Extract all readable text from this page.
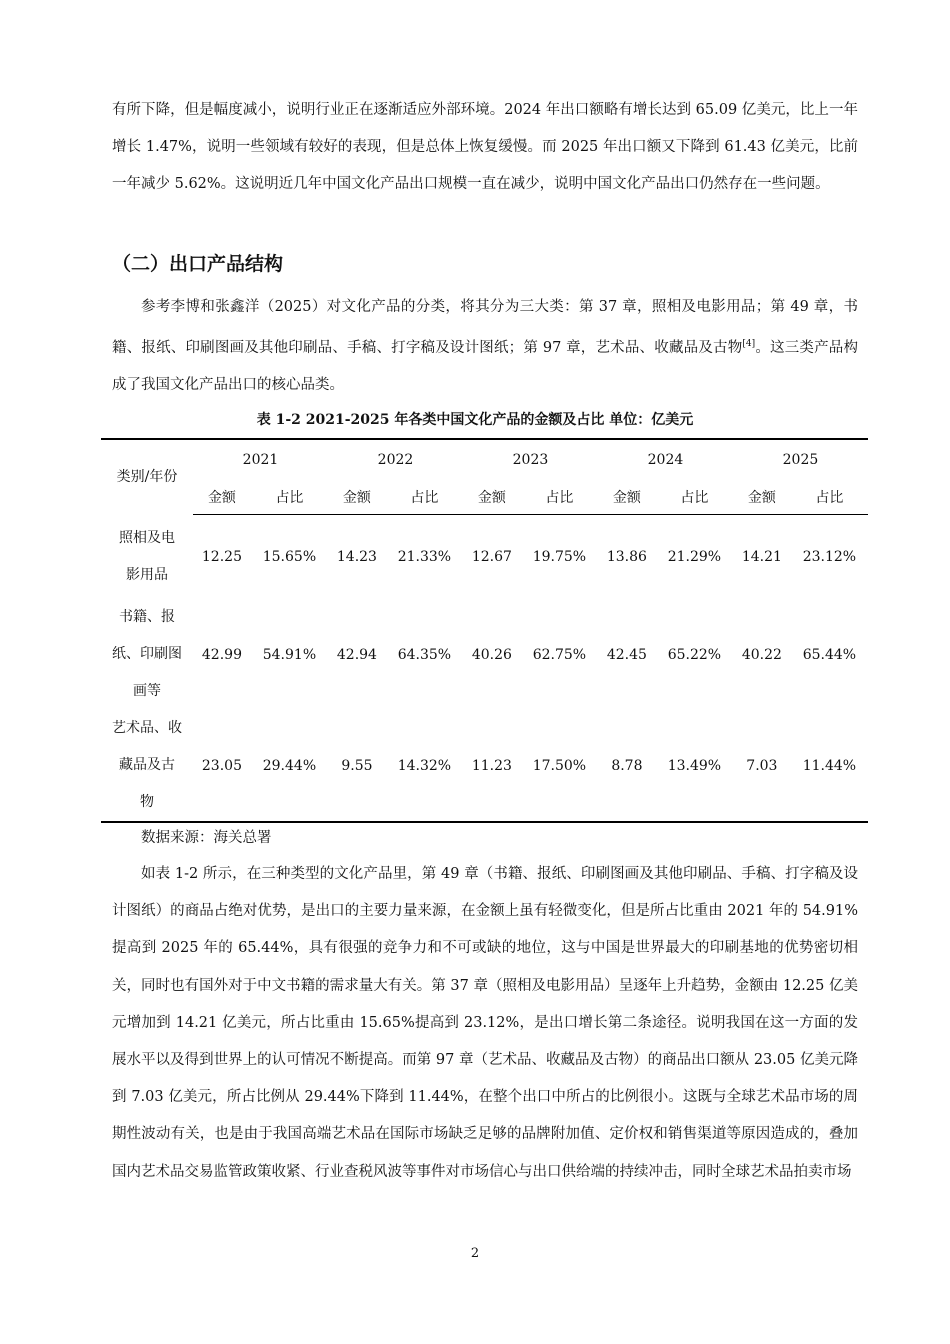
有所下降，但是幅度减小，说明行业正在逐渐适应外部环境。2024 年出口额略有增长达到 65.09 亿美元，比上一年增长 1.47%，说明一些领域有较好的表现，但是总体上恢复缓慢。而 2025 年出口额又下降到 61.43 亿美元，比前一年减少 5.62%。这说明近几年中国文化产品出口规模一直在减少，说明中国文化产品出口仍然存在一些问题。

（二）出口产品结构

参考李博和张鑫洋（2025）对文化产品的分类，将其分为三大类：第 37 章，照相及电影用品；第 49 章，书籍、报纸、印刷图画及其他印刷品、手稿、打字稿及设计图纸；第 97 章，艺术品、收藏品及古物[4]。这三类产品构成了我国文化产品出口的核心品类。

表 1-2 2021-2025 年各类中国文化产品的金额及占比 单位：亿美元

类别/年份	2021		2022		2023		2024		2025	
	金额	占比	金额	占比	金额	占比	金额	占比	金额	占比

照相及电
影用品	12.25	15.65%	14.23	21.33%	12.67	19.75%	13.86	21.29%	14.21	23.12%

书籍、报
纸、印刷图
画等	42.99	54.91%	42.94	64.35%	40.26	62.75%	42.45	65.22%	40.22	65.44%

艺术品、收
藏品及古
物	23.05	29.44%	9.55	14.32%	11.23	17.50%	8.78	13.49%	7.03	11.44%

数据来源：海关总署

如表 1-2 所示，在三种类型的文化产品里，第 49 章（书籍、报纸、印刷图画及其他印刷品、手稿、打字稿及设计图纸）的商品占绝对优势，是出口的主要力量来源，在金额上虽有轻微变化，但是所占比重由 2021 年的 54.91%提高到 2025 年的 65.44%，具有很强的竞争力和不可或缺的地位，这与中国是世界最大的印刷基地的优势密切相关，同时也有国外对于中文书籍的需求量大有关。第 37 章（照相及电影用品）呈逐年上升趋势，金额由 12.25 亿美元增加到 14.21 亿美元，所占比重由 15.65%提高到 23.12%，是出口增长第二条途径。说明我国在这一方面的发展水平以及得到世界上的认可情况不断提高。而第 97 章（艺术品、收藏品及古物）的商品出口额从 23.05 亿美元降到 7.03 亿美元，所占比例从 29.44%下降到 11.44%，在整个出口中所占的比例很小。这既与全球艺术品市场的周期性波动有关，也是由于我国高端艺术品在国际市场缺乏足够的品牌附加值、定价权和销售渠道等原因造成的，叠加国内艺术品交易监管政策收紧、行业查税风波等事件对市场信心与出口供给端的持续冲击，同时全球艺术品拍卖市场

2
